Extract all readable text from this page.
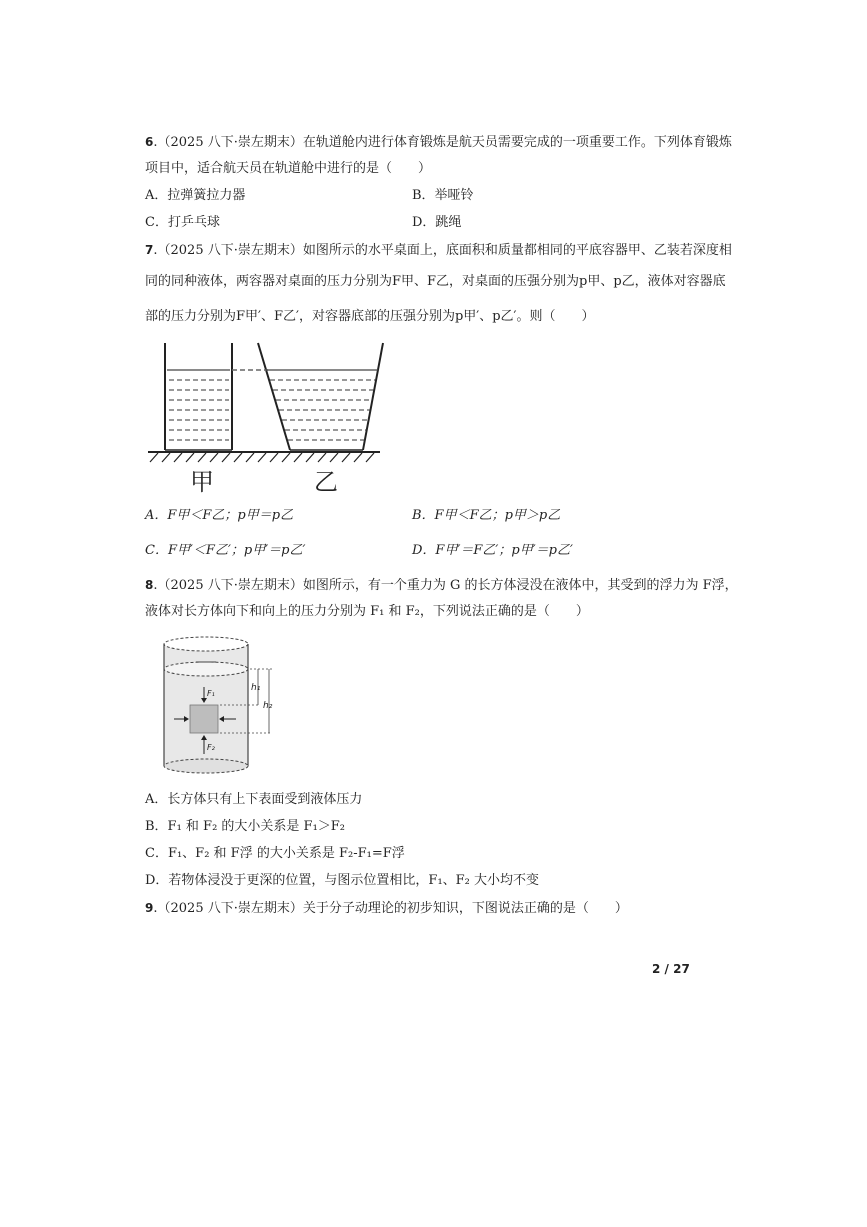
6.（2025 八下·崇左期末）在轨道舱内进行体育锻炼是航天员需要完成的一项重要工作。下列体育锻炼
项目中，适合航天员在轨道舱中进行的是（　　）
A．拉弹簧拉力器	B．举哑铃
C．打乒乓球	D．跳绳
7.（2025 八下·崇左期末）如图所示的水平桌面上，底面积和质量都相同的平底容器甲、乙装若深度相
同的同种液体，两容器对桌面的压力分别为F甲、F乙，对桌面的压强分别为p甲、p乙，液体对容器底
部的压力分别为F甲′、F乙′，对容器底部的压强分别为p甲′、p乙′。则（　　）
甲	乙
A．F甲＜F乙；p甲＝p乙	B．F甲＜F乙；p甲＞p乙
C．F甲′＜F乙′；p甲′＝p乙′	D．F甲′＝F乙′；p甲′＝p乙′
8.（2025 八下·崇左期末）如图所示，有一个重力为 G 的长方体浸没在液体中，其受到的浮力为 F浮，
液体对长方体向下和向上的压力分别为 F₁ 和 F₂，下列说法正确的是（　　）
F₁
F₂
h₁
h₂
A．长方体只有上下表面受到液体压力
B．F₁ 和 F₂ 的大小关系是 F₁＞F₂
C．F₁、F₂ 和 F浮 的大小关系是 F₂-F₁=F浮
D．若物体浸没于更深的位置，与图示位置相比，F₁、F₂ 大小均不变
9.（2025 八下·崇左期末）关于分子动理论的初步知识，下图说法正确的是（　　）
2 / 27
